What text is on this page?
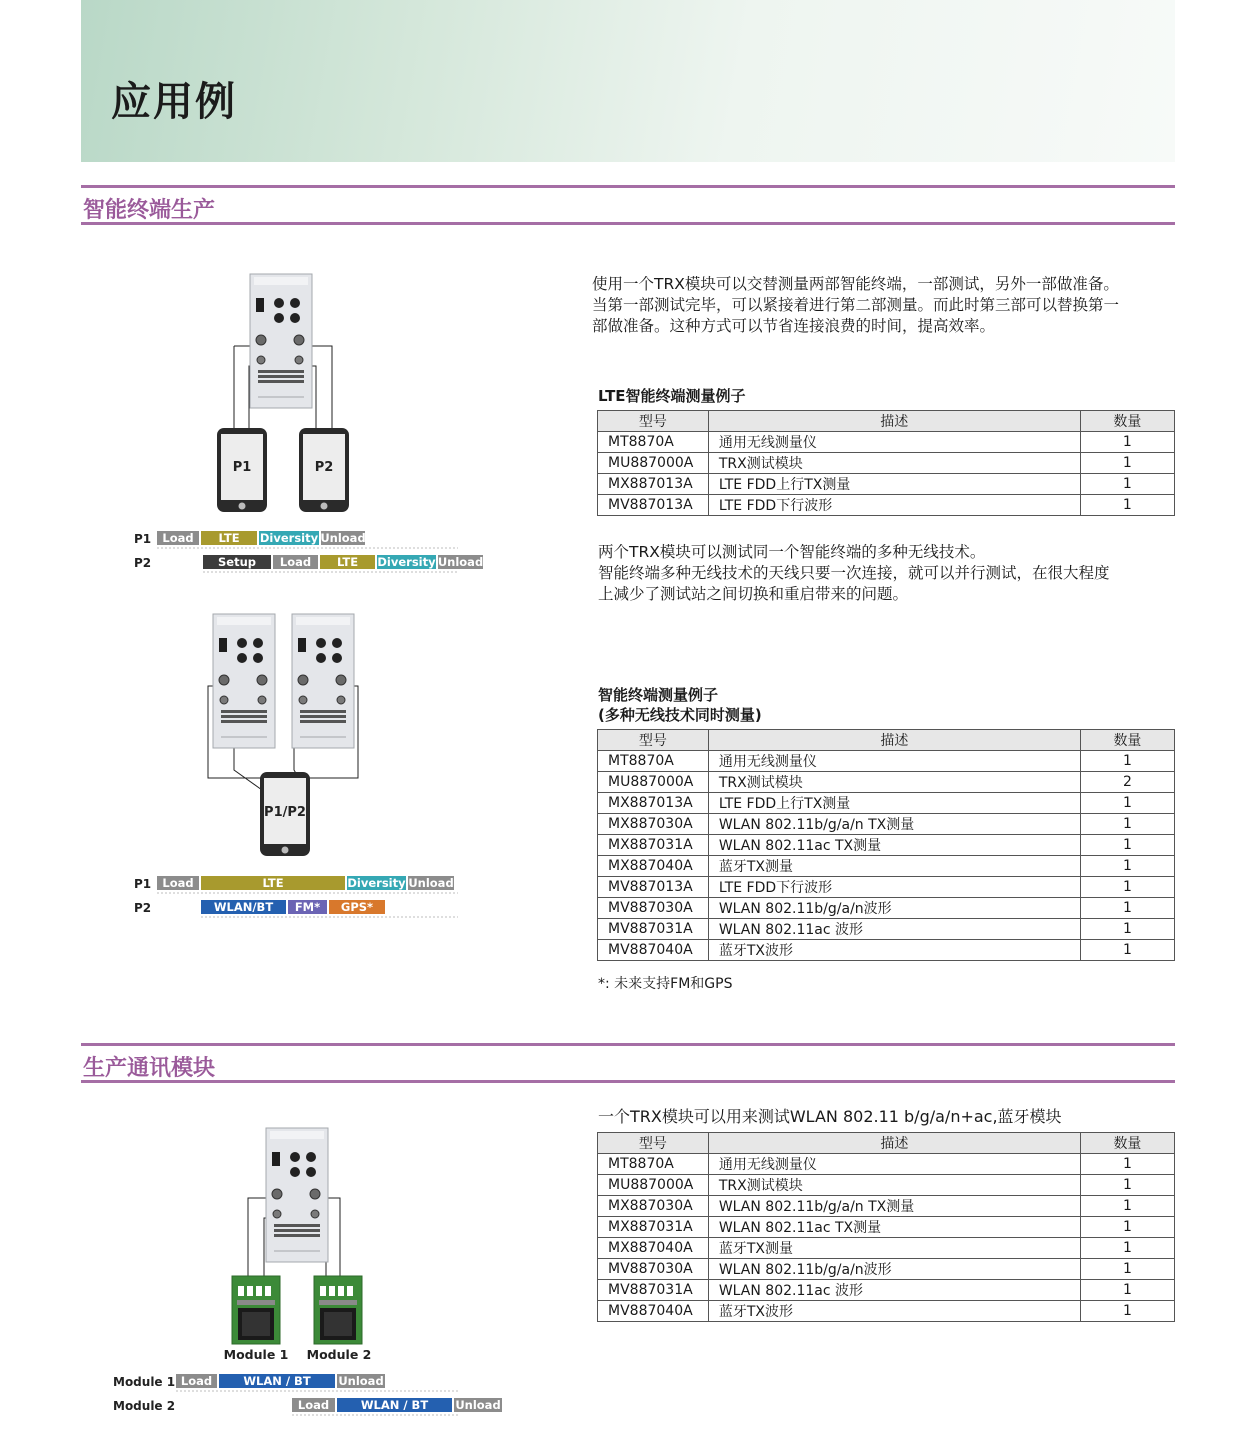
应用例
智能终端生产
生产通讯模块
使用一个TRX模块可以交替测量两部智能终端，一部测试，另外一部做准备。
当第一部测试完毕，可以紧接着进行第二部测量。而此时第三部可以替换第一
部做准备。这种方式可以节省连接浪费的时间，提高效率。
LTE智能终端测量例子
型号	描述	数量
MT8870A	通用无线测量仪	1
MU887000A	TRX测试模块	1
MX887013A	LTE FDD上行TX测量	1
MV887013A	LTE FDD下行波形	1
两个TRX模块可以测试同一个智能终端的多种无线技术。
智能终端多种无线技术的天线只要一次连接，就可以并行测试，在很大程度
上减少了测试站之间切换和重启带来的问题。
智能终端测量例子
(多种无线技术同时测量)
型号	描述	数量
MT8870A	通用无线测量仪	1
MU887000A	TRX测试模块	2
MX887013A	LTE FDD上行TX测量	1
MX887030A	WLAN 802.11b/g/a/n TX测量	1
MX887031A	WLAN 802.11ac TX测量	1
MX887040A	蓝牙TX测量	1
MV887013A	LTE FDD下行波形	1
MV887030A	WLAN 802.11b/g/a/n波形	1
MV887031A	WLAN 802.11ac 波形	1
MV887040A	蓝牙TX波形	1
*: 未来支持FM和GPS
一个TRX模块可以用来测试WLAN 802.11 b/g/a/n+ac,蓝牙模块
型号	描述	数量
MT8870A	通用无线测量仪	1
MU887000A	TRX测试模块	1
MX887030A	WLAN 802.11b/g/a/n TX测量	1
MX887031A	WLAN 802.11ac TX测量	1
MX887040A	蓝牙TX测量	1
MV887030A	WLAN 802.11b/g/a/n波形	1
MV887031A	WLAN 802.11ac 波形	1
MV887040A	蓝牙TX波形	1
P1	P2
P1/P2
Module 1 Module 2
P1 Load LTE Diversity Unload
P2	Setup Load LTE Diversity Unload
P1 Load	LTE	Diversity Unload
P2	WLAN/BT FM* GPS*
Module 1 Load	WLAN / BT Unload
Module 2	Load	WLAN / BT Unload
